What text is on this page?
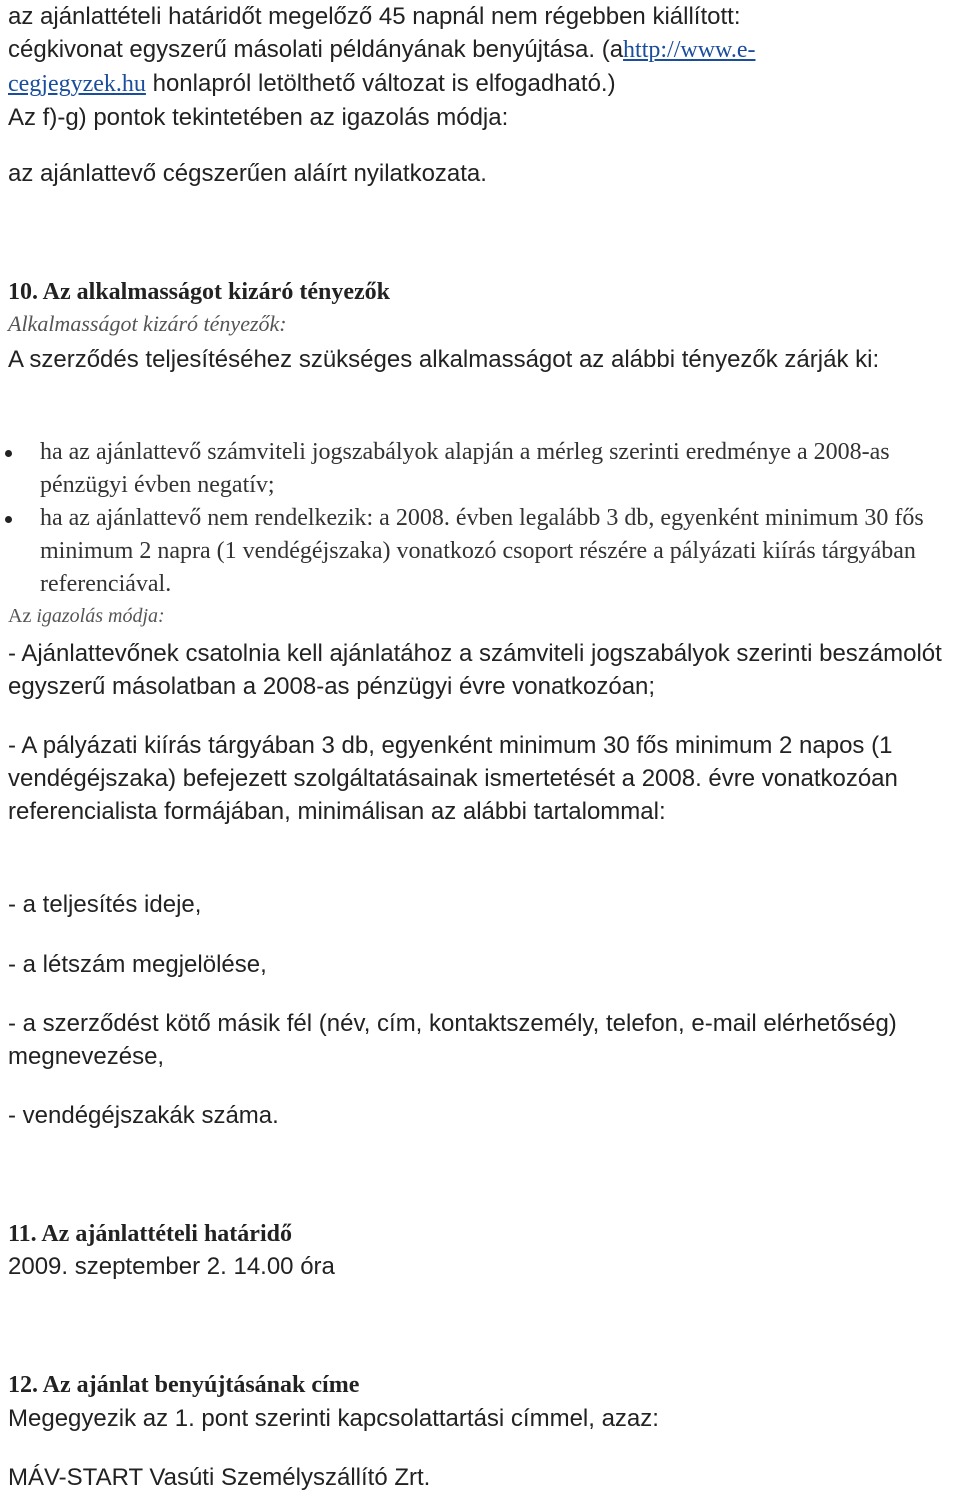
az ajánlattételi határidőt megelőző 45 napnál nem régebben kiállított:
cégkivonat egyszerű másolati példányának benyújtása. (ahttp://www.e-
cegjegyzek.hu honlapról letölthető változat is elfogadható.)
Az f)-g) pontok tekintetében az igazolás módja:

az ajánlattevő cégszerűen aláírt nyilatkozata.

10. Az alkalmasságot kizáró tényezők

Alkalmasságot kizáró tényezők:

A szerződés teljesítéséhez szükséges alkalmasságot az alábbi tényezők zárják ki:

ha az ajánlattevő számviteli jogszabályok alapján a mérleg szerinti eredménye a 2008-as pénzügyi évben negatív;
ha az ajánlattevő nem rendelkezik: a 2008. évben legalább 3 db, egyenként minimum 30 fős minimum 2 napra (1 vendégéjszaka) vonatkozó csoport részére a pályázati kiírás tárgyában referenciával.

Az igazolás módja:

- Ajánlattevőnek csatolnia kell ajánlatához a számviteli jogszabályok szerinti beszámolót egyszerű másolatban a 2008-as pénzügyi évre vonatkozóan;

- A pályázati kiírás tárgyában 3 db, egyenként minimum 30 fős minimum 2 napos (1 vendégéjszaka) befejezett szolgáltatásainak ismertetését a 2008. évre vonatkozóan referencialista formájában, minimálisan az alábbi tartalommal:

- a teljesítés ideje,

- a létszám megjelölése,

- a szerződést kötő másik fél (név, cím, kontaktszemély, telefon, e-mail elérhetőség) megnevezése,

- vendégéjszakák száma.

11. Az ajánlattételi határidő

2009. szeptember 2. 14.00 óra

12. Az ajánlat benyújtásának címe

Megegyezik az 1. pont szerinti kapcsolattartási címmel, azaz:

MÁV-START Vasúti Személyszállító Zrt.
